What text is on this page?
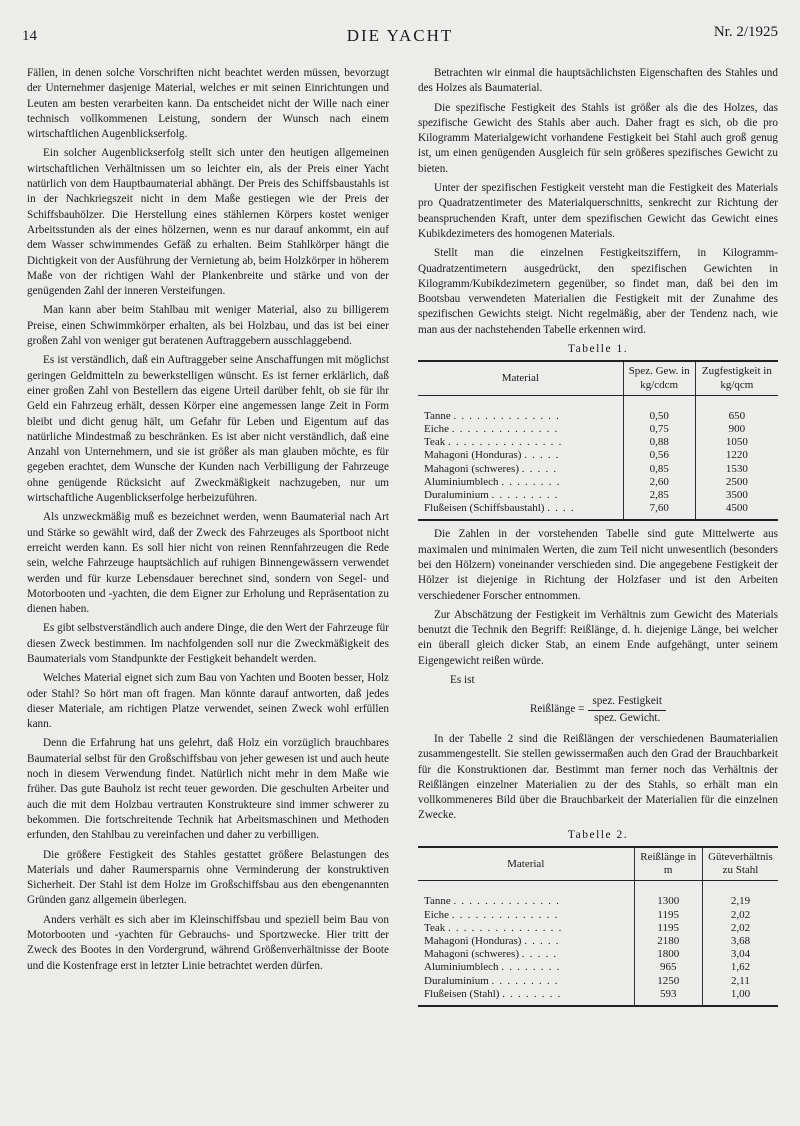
14	DIE YACHT	Nr. 2/1925

Fällen, in denen solche Vorschriften nicht beachtet werden müssen, bevorzugt der Unternehmer dasjenige Material, welches er mit seinen Einrichtungen und Leuten am besten verarbeiten kann. Da entscheidet nicht der Wille nach einer technisch vollkommenen Leistung, sondern der Wunsch nach einem wirtschaftlichen Augenblickserfolg.

Ein solcher Augenblickserfolg stellt sich unter den heutigen allgemeinen wirtschaftlichen Verhältnissen um so leichter ein, als der Preis einer Yacht natürlich von dem Hauptbaumaterial abhängt. Der Preis des Schiffsbaustahls ist in der Nachkriegszeit nicht in dem Maße gestiegen wie der Preis der Schiffsbauhölzer. Die Herstellung eines stählernen Körpers kostet weniger Arbeitsstunden als der eines hölzernen, wenn es nur darauf ankommt, ein auf dem Wasser schwimmendes Gefäß zu erhalten. Beim Stahlkörper hängt die Dichtigkeit von der Ausführung der Vernietung ab, beim Holzkörper in höherem Maße von der richtigen Wahl der Plankenbreite und stärke und von der genügenden Zahl der inneren Versteifungen.

Man kann aber beim Stahlbau mit weniger Material, also zu billigerem Preise, einen Schwimmkörper erhalten, als bei Holzbau, und das ist bei einer großen Zahl von weniger gut beratenen Auftraggebern ausschlaggebend.

Es ist verständlich, daß ein Auftraggeber seine Anschaffungen mit möglichst geringen Geldmitteln zu bewerkstelligen wünscht. Es ist ferner erklärlich, daß einer großen Zahl von Bestellern das eigene Urteil darüber fehlt, ob sie für ihr Geld ein Fahrzeug erhält, dessen Körper eine angemessen lange Zeit in Form bleibt und dicht genug hält, um Gefahr für Leben und Eigentum auf das natürliche Mindestmaß zu beschränken. Es ist aber nicht verständlich, daß eine Anzahl von Unternehmern, und sie ist größer als man glauben möchte, es für gegeben erachtet, dem Wunsche der Kunden nach Verbilligung der Fahrzeuge ohne genügende Rücksicht auf Zweckmäßigkeit nachzugeben, nur um wirtschaftliche Augenblickserfolge herbeizuführen.

Als unzweckmäßig muß es bezeichnet werden, wenn Baumaterial nach Art und Stärke so gewählt wird, daß der Zweck des Fahrzeuges als Sportboot nicht erreicht werden kann. Es soll hier nicht von reinen Rennfahrzeugen die Rede sein, welche Fahrzeuge hauptsächlich auf ruhigen Binnengewässern verwendet werden und für kurze Lebensdauer berechnet sind, sondern von Segel- und Motorbooten und -yachten, die dem Eigner zur Erholung und Repräsentation zu dienen haben.

Es gibt selbstverständlich auch andere Dinge, die den Wert der Fahrzeuge für diesen Zweck bestimmen. Im nachfolgenden soll nur die Zweckmäßigkeit des Baumaterials vom Standpunkte der Festigkeit behandelt werden.

Welches Material eignet sich zum Bau von Yachten und Booten besser, Holz oder Stahl? So hört man oft fragen. Man könnte darauf antworten, daß jedes dieser Materiale, am richtigen Platze verwendet, seinen Zweck wohl erfüllen kann.

Denn die Erfahrung hat uns gelehrt, daß Holz ein vorzüglich brauchbares Baumaterial selbst für den Großschiffsbau von jeher gewesen ist und auch heute noch in diesem Verwendung findet. Natürlich nicht mehr in dem Maße wie früher. Das gute Bauholz ist recht teuer geworden. Die geschulten Arbeiter und auch die mit dem Holzbau vertrauten Konstrukteure sind immer schwerer zu bekommen. Die fortschreitende Technik hat Arbeitsmaschinen und Methoden erfunden, den Stahlbau zu vereinfachen und daher zu verbilligen.

Die größere Festigkeit des Stahles gestattet größere Belastungen des Materials und daher Raumersparnis ohne Verminderung der konstruktiven Sicherheit. Der Stahl ist dem Holze im Großschiffsbau aus den ebengenannten Gründen ganz allgemein überlegen.

Anders verhält es sich aber im Kleinschiffsbau und speziell beim Bau von Motorbooten und -yachten für Gebrauchs- und Sportzwecke. Hier tritt der Zweck des Bootes in den Vordergrund, während Größenverhältnisse der Boote und die Kostenfrage erst in letzter Linie betrachtet werden dürfen.

Betrachten wir einmal die hauptsächlichsten Eigenschaften des Stahles und des Holzes als Baumaterial.

Die spezifische Festigkeit des Stahls ist größer als die des Holzes, das spezifische Gewicht des Stahls aber auch. Daher fragt es sich, ob die pro Kilogramm Materialgewicht vorhandene Festigkeit bei Stahl auch groß genug ist, um einen genügenden Ausgleich für sein größeres spezifisches Gewicht zu bieten.

Unter der spezifischen Festigkeit versteht man die Festigkeit des Materials pro Quadratzentimeter des Materialquerschnitts, senkrecht zur Richtung der beanspruchenden Kraft, unter dem spezifischen Gewicht das Gewicht eines Kubikdezimeters des homogenen Materials.

Stellt man die einzelnen Festigkeitsziffern, in Kilogramm-Quadratzentimetern ausgedrückt, den spezifischen Gewichten in Kilogramm/Kubikdezimetern gegenüber, so findet man, daß bei den im Bootsbau verwendeten Materialien die Festigkeit mit der Zunahme des spezifischen Gewichts steigt. Nicht regelmäßig, aber der Tendenz nach, wie man aus der nachstehenden Tabelle erkennen wird.

Tabelle 1.
Material	Spez. Gew. in kg/cdcm	Zugfestigkeit in kg/qcm
Tanne . . . . . . . . . . . . . .	0,50	650
Eiche . . . . . . . . . . . . . .	0,75	900
Teak . . . . . . . . . . . . . . .	0,88	1050
Mahagoni (Honduras) . . . . .	0,56	1220
Mahagoni (schweres) . . . . .	0,85	1530
Aluminiumblech . . . . . . . .	2,60	2500
Duraluminium . . . . . . . . .	2,85	3500
Flußeisen (Schiffsbaustahl) . . . .	7,60	4500

Die Zahlen in der vorstehenden Tabelle sind gute Mittelwerte aus maximalen und minimalen Werten, die zum Teil nicht unwesentlich (besonders bei den Hölzern) voneinander verschieden sind. Die angegebene Festigkeit der Hölzer ist diejenige in Richtung der Holzfaser und ist den Arbeiten verschiedener Forscher entnommen.

Zur Abschätzung der Festigkeit im Verhältnis zum Gewicht des Materials benutzt die Technik den Begriff: Reißlänge, d. h. diejenige Länge, bei welcher ein überall gleich dicker Stab, an einem Ende aufgehängt, unter seinem Eigengewicht reißen würde.

Es ist

Reißlänge = $\frac{\text{spez. Festigkeit}}{\text{spez. Gewicht.}}$

In der Tabelle 2 sind die Reißlängen der verschiedenen Baumaterialien zusammengestellt. Sie stellen gewissermaßen auch den Grad der Brauchbarkeit für die Konstruktionen dar. Bestimmt man ferner noch das Verhältnis der Reißlängen einzelner Materialien zu der des Stahls, so erhält man ein vollkommeneres Bild über die Brauchbarkeit der Materialien für die einzelnen Zwecke.

Tabelle 2.
Material	Reißlänge in m	Güteverhältnis zu Stahl
Tanne . . . . . . . . . . . . . .	1300	2,19
Eiche . . . . . . . . . . . . . .	1195	2,02
Teak . . . . . . . . . . . . . . .	1195	2,02
Mahagoni (Honduras) . . . . .	2180	3,68
Mahagoni (schweres) . . . . .	1800	3,04
Aluminiumblech . . . . . . . .	965	1,62
Duraluminium . . . . . . . . .	1250	2,11
Flußeisen (Stahl) . . . . . . . .	593	1,00
